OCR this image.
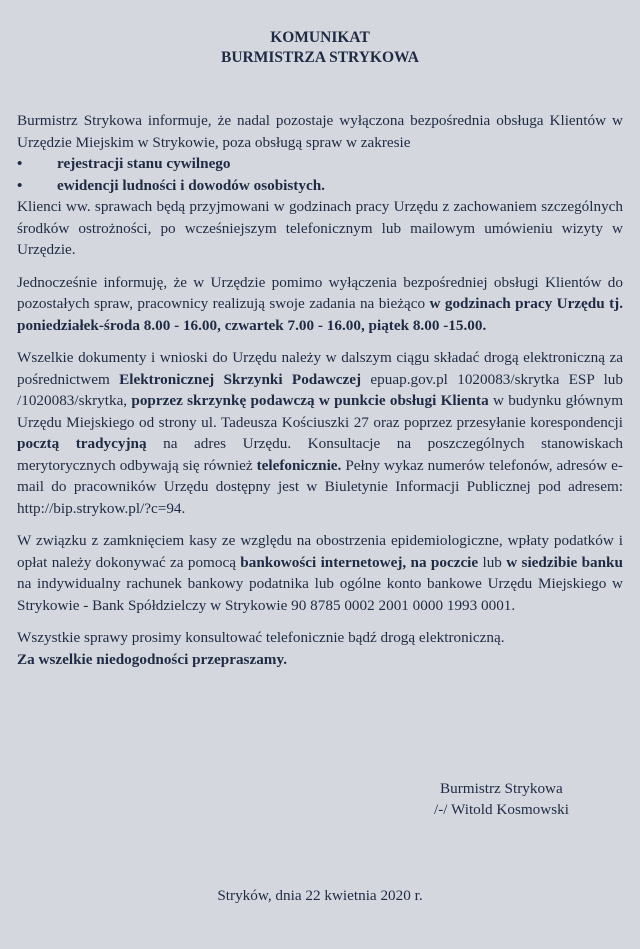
KOMUNIKAT
BURMISTRZA STRYKOWA

Burmistrz Strykowa informuje, że nadal pozostaje wyłączona bezpośrednia obsługa Klientów w Urzędzie Miejskim w Strykowie, poza obsługą spraw w zakresie

•	rejestracji stanu cywilnego
•	ewidencji ludności i dowodów osobistych.

Klienci ww. sprawach będą przyjmowani w godzinach pracy Urzędu z zachowaniem szczególnych środków ostrożności, po wcześniejszym telefonicznym lub mailowym umówieniu wizyty w Urzędzie.

Jednocześnie informuję, że w Urzędzie pomimo wyłączenia bezpośredniej obsługi Klientów do pozostałych spraw, pracownicy realizują swoje zadania na bieżąco w godzinach pracy Urzędu tj. poniedziałek-środa 8.00 - 16.00, czwartek 7.00 - 16.00, piątek 8.00 -15.00.

Wszelkie dokumenty i wnioski do Urzędu należy w dalszym ciągu składać drogą elektroniczną za pośrednictwem Elektronicznej Skrzynki Podawczej epuap.gov.pl 1020083/skrytka ESP lub /1020083/skrytka, poprzez skrzynkę podawczą w punkcie obsługi Klienta w budynku głównym Urzędu Miejskiego od strony ul. Tadeusza Kościuszki 27 oraz poprzez przesyłanie korespondencji pocztą tradycyjną na adres Urzędu. Konsultacje na poszczególnych stanowiskach merytorycznych odbywają się również telefonicznie. Pełny wykaz numerów telefonów, adresów e-mail do pracowników Urzędu dostępny jest w Biuletynie Informacji Publicznej pod adresem: http://bip.strykow.pl/?c=94.

W związku z zamknięciem kasy ze względu na obostrzenia epidemiologiczne, wpłaty podatków i opłat należy dokonywać za pomocą bankowości internetowej, na poczcie lub w siedzibie banku na indywidualny rachunek bankowy podatnika lub ogólne konto bankowe Urzędu Miejskiego w Strykowie - Bank Spółdzielczy w Strykowie 90 8785 0002 2001 0000 1993 0001.

Wszystkie sprawy prosimy konsultować telefonicznie bądź drogą elektroniczną.
Za wszelkie niedogodności przepraszamy.

Burmistrz Strykowa
/-/ Witold Kosmowski
Stryków, dnia 22 kwietnia 2020 r.
